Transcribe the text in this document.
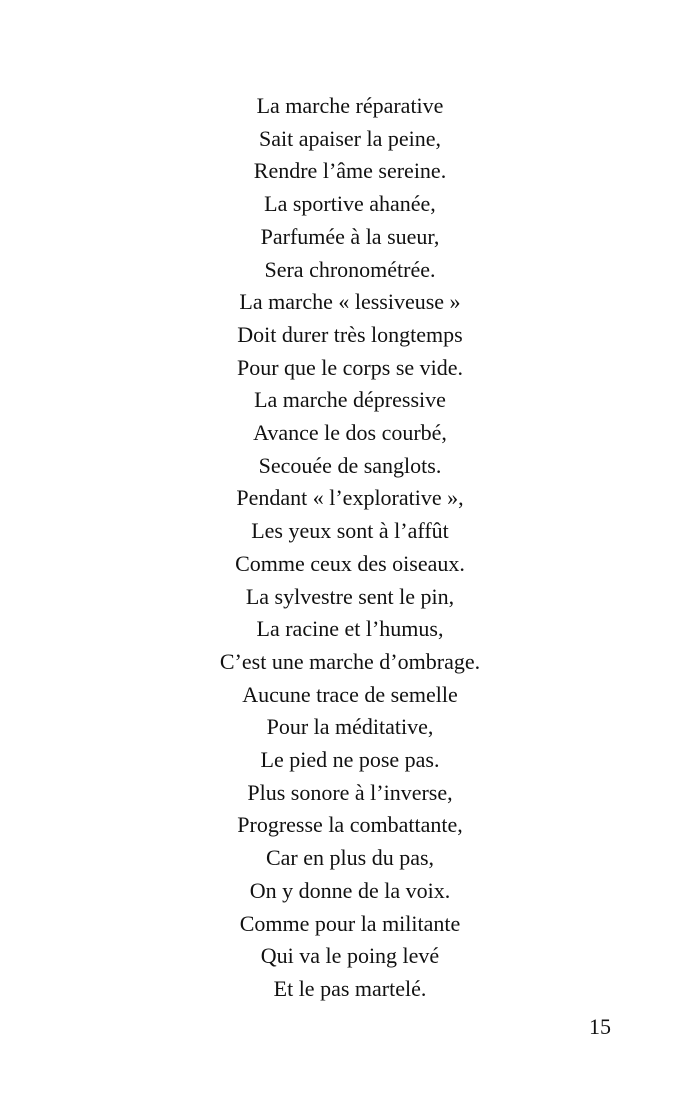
La marche réparative
Sait apaiser la peine,
Rendre l’âme sereine.
La sportive ahanée,
Parfumée à la sueur,
Sera chronométrée.
La marche « lessiveuse »
Doit durer très longtemps
Pour que le corps se vide.
La marche dépressive
Avance le dos courbé,
Secouée de sanglots.
Pendant « l’explorative »,
Les yeux sont à l’affût
Comme ceux des oiseaux.
La sylvestre sent le pin,
La racine et l’humus,
C’est une marche d’ombrage.
Aucune trace de semelle
Pour la méditative,
Le pied ne pose pas.
Plus sonore à l’inverse,
Progresse la combattante,
Car en plus du pas,
On y donne de la voix.
Comme pour la militante
Qui va le poing levé
Et le pas martelé.
15
